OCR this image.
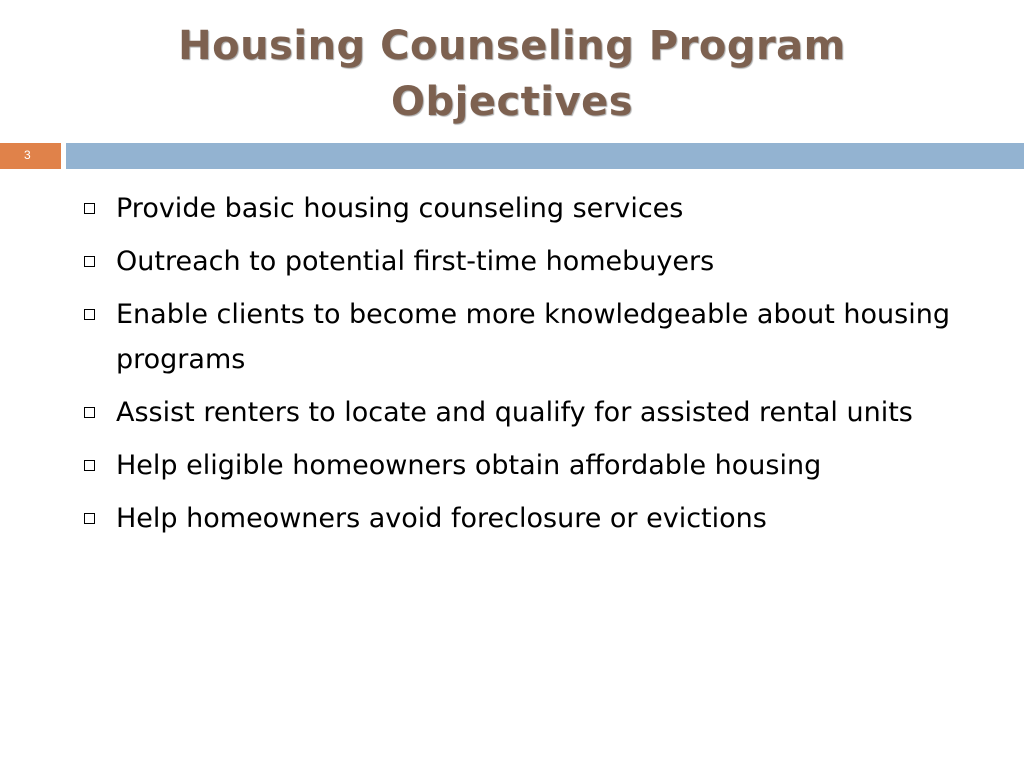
Housing Counseling Program
Objectives
3
Provide basic housing counseling services
Outreach to potential first-time homebuyers
Enable clients to become more knowledgeable about housing programs
Assist renters to locate and qualify for assisted rental units
Help eligible homeowners obtain affordable housing
Help homeowners avoid foreclosure or evictions
